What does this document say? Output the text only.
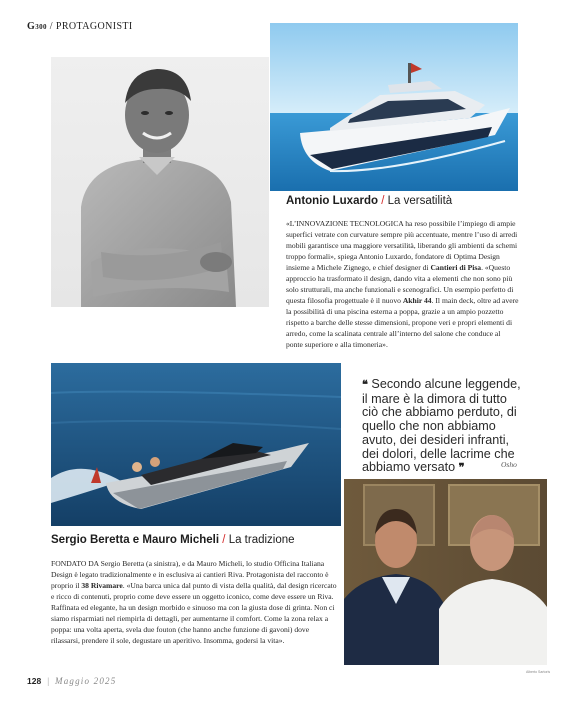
G300 / PROTAGONISTI
Antonio Luxardo / La versatilità

«L’INNOVAZIONE TECNOLOGICA ha reso possibile l’impiego di ampie superfici vetrate con curvature sempre più accentuate, mentre l’uso di arredi mobili garantisce una maggiore versatilità, liberando gli ambienti da schemi troppo formali», spiega Antonio Luxardo, fondatore di Optima Design insieme a Michele Zignego, e chief designer di Cantieri di Pisa. «Questo approccio ha trasformato il design, dando vita a elementi che non sono più solo strutturali, ma anche funzionali e scenografici. Un esempio perfetto di questa filosofia progettuale è il nuovo Akhir 44. Il main deck, oltre ad avere la possibilità di una piscina esterna a poppa, grazie a un ampio pozzetto rispetto a barche delle stesse dimensioni, propone veri e propri elementi di arredo, come la scalinata centrale all’interno del salone che conduce al ponte superiore e alla timoneria».

❝ Secondo alcune leggende, il mare è la dimora di tutto ciò che abbiamo perduto, di quello che non abbiamo avuto, dei desideri infranti, dei dolori, delle lacrime che abbiamo versato ❞	Osho
Alberto Sartoris
Sergio Beretta e Mauro Micheli / La tradizione

FONDATO DA Sergio Beretta (a sinistra), e da Mauro Micheli, lo studio Officina Italiana Design è legato tradizionalmente e in esclusiva ai cantieri Riva. Protagonista del racconto è proprio il 38 Rivamare. «Una barca unica dal punto di vista della qualità, dal design ricercato e ricco di contenuti, proprio come deve essere un oggetto iconico, come deve essere un Riva. Raffinata ed elegante, ha un design morbido e sinuoso ma con la giusta dose di grinta. Non ci siamo risparmiati nel riempirla di dettagli, per aumentarne il comfort. Come la zona relax a poppa: una volta aperta, svela due fouton (che hanno anche funzione di gavoni) dove rilassarsi, prendere il sole, degustare un aperitivo. Insomma, godersi la vita».

128 | Maggio 2025
